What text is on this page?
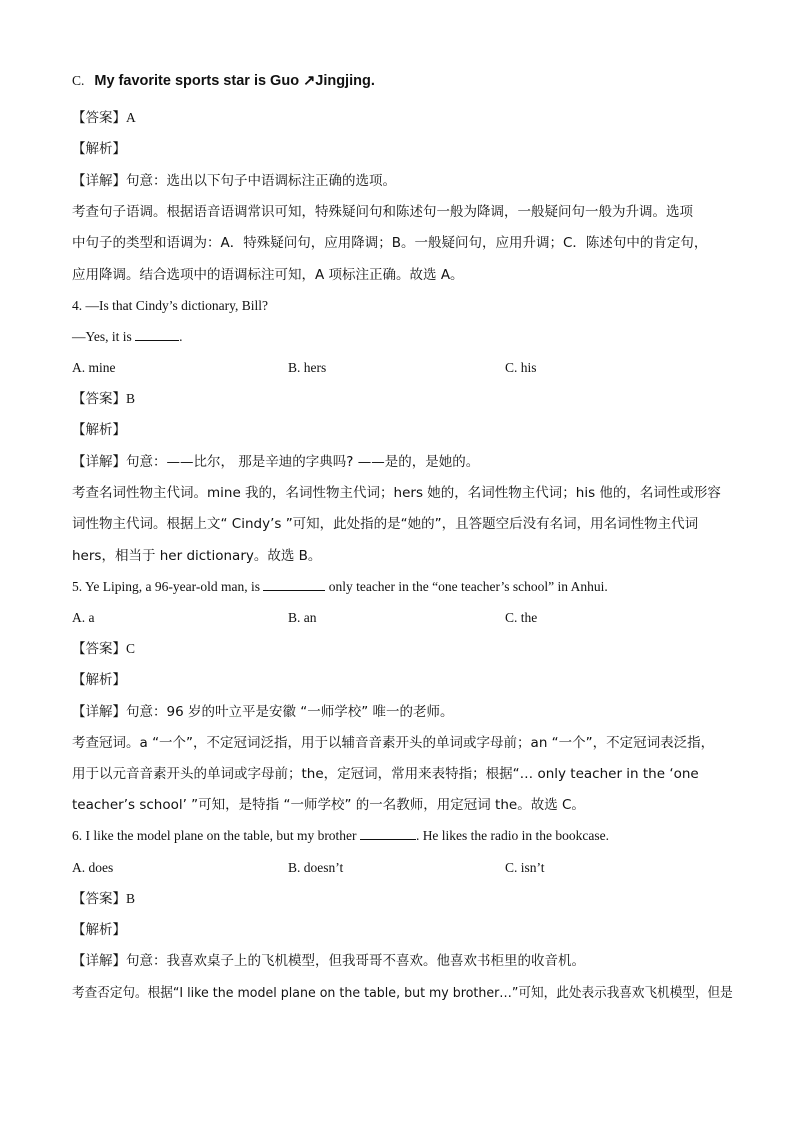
C. My favorite sports star is Guo ↗Jingjing.
【答案】A
【解析】
【详解】句意：选出以下句子中语调标注正确的选项。
考查句子语调。根据语音语调常识可知，特殊疑问句和陈述句一般为降调，一般疑问句一般为升调。选项
中句子的类型和语调为：A．特殊疑问句，应用降调；B。一般疑问句，应用升调；C．陈述句中的肯定句，
应用降调。结合选项中的语调标注可知，A 项标注正确。故选 A。
4. —Is that Cindy’s dictionary, Bill?
—Yes, it is	.
A. mine	B. hers	C. his
【答案】B
【解析】
【详解】句意：——比尔， 那是辛迪的字典吗? ——是的，是她的。
考查名词性物主代词。mine 我的，名词性物主代词；hers 她的，名词性物主代词；his 他的，名词性或形容
词性物主代词。根据上文“ Cindy’s ”可知，此处指的是“她的”，且答题空后没有名词，用名词性物主代词
hers，相当于 her dictionary。故选 B。
5. Ye Liping, a 96-year-old man, is	only teacher in the “one teacher’s school” in Anhui.
A. a	B. an	C. the
【答案】C
【解析】
【详解】句意：96 岁的叶立平是安徽 “一师学校” 唯一的老师。
考查冠词。a “一个”，不定冠词泛指，用于以辅音音素开头的单词或字母前；an “一个”，不定冠词表泛指，
用于以元音音素开头的单词或字母前；the，定冠词，常用来表特指；根据“… only teacher in the ‘one
teacher’s school’ ”可知，是特指 “一师学校” 的一名教师，用定冠词 the。故选 C。
6. I like the model plane on the table, but my brother	. He likes the radio in the bookcase.
A. does	B. doesn’t	C. isn’t
【答案】B
【解析】
【详解】句意：我喜欢桌子上的飞机模型，但我哥哥不喜欢。他喜欢书柜里的收音机。
考查否定句。根据“I like the model plane on the table, but my brother…”可知，此处表示我喜欢飞机模型，但是
